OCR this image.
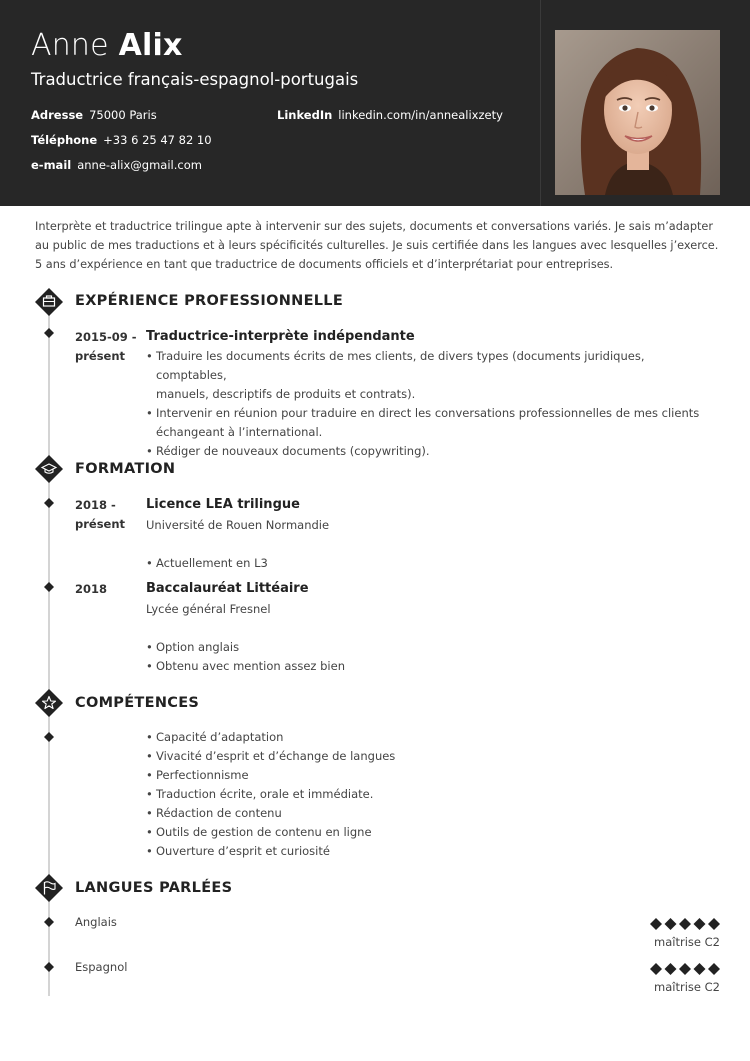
Anne Alix
Traductrice français-espagnol-portugais
Adresse 75000 Paris
Téléphone +33 6 25 47 82 10
e-mail anne-alix@gmail.com
LinkedIn linkedin.com/in/annealixzety

Interprète et traductrice trilingue apte à intervenir sur des sujets, documents et conversations variés. Je sais m’adapter au public de mes traductions et à leurs spécificités culturelles. Je suis certifiée dans les langues avec lesquelles j’exerce. 5 ans d’expérience en tant que traductrice de documents officiels et d’interprétariat pour entreprises.

EXPÉRIENCE PROFESSIONNELLE
2015-09 -
présent
Traductrice-interprète indépendante
• Traduire les documents écrits de mes clients, de divers types (documents juridiques, comptables,
manuels, descriptifs de produits et contrats).
• Intervenir en réunion pour traduire en direct les conversations professionnelles de mes clients
échangeant à l’international.
• Rédiger de nouveaux documents (copywriting).
FORMATION
2018 -
présent
Licence LEA trilingue
Université de Rouen Normandie
• Actuellement en L3
2018	Baccalauréat Littéaire
Lycée général Fresnel
• Option anglais
• Obtenu avec mention assez bien
COMPÉTENCES
• Capacité d’adaptation
• Vivacité d’esprit et d’échange de langues
• Perfectionnisme
• Traduction écrite, orale et immédiate.
• Rédaction de contenu
• Outils de gestion de contenu en ligne
• Ouverture d’esprit et curiosité
LANGUES PARLÉES
Anglais
maîtrise C2
Espagnol
maîtrise C2
